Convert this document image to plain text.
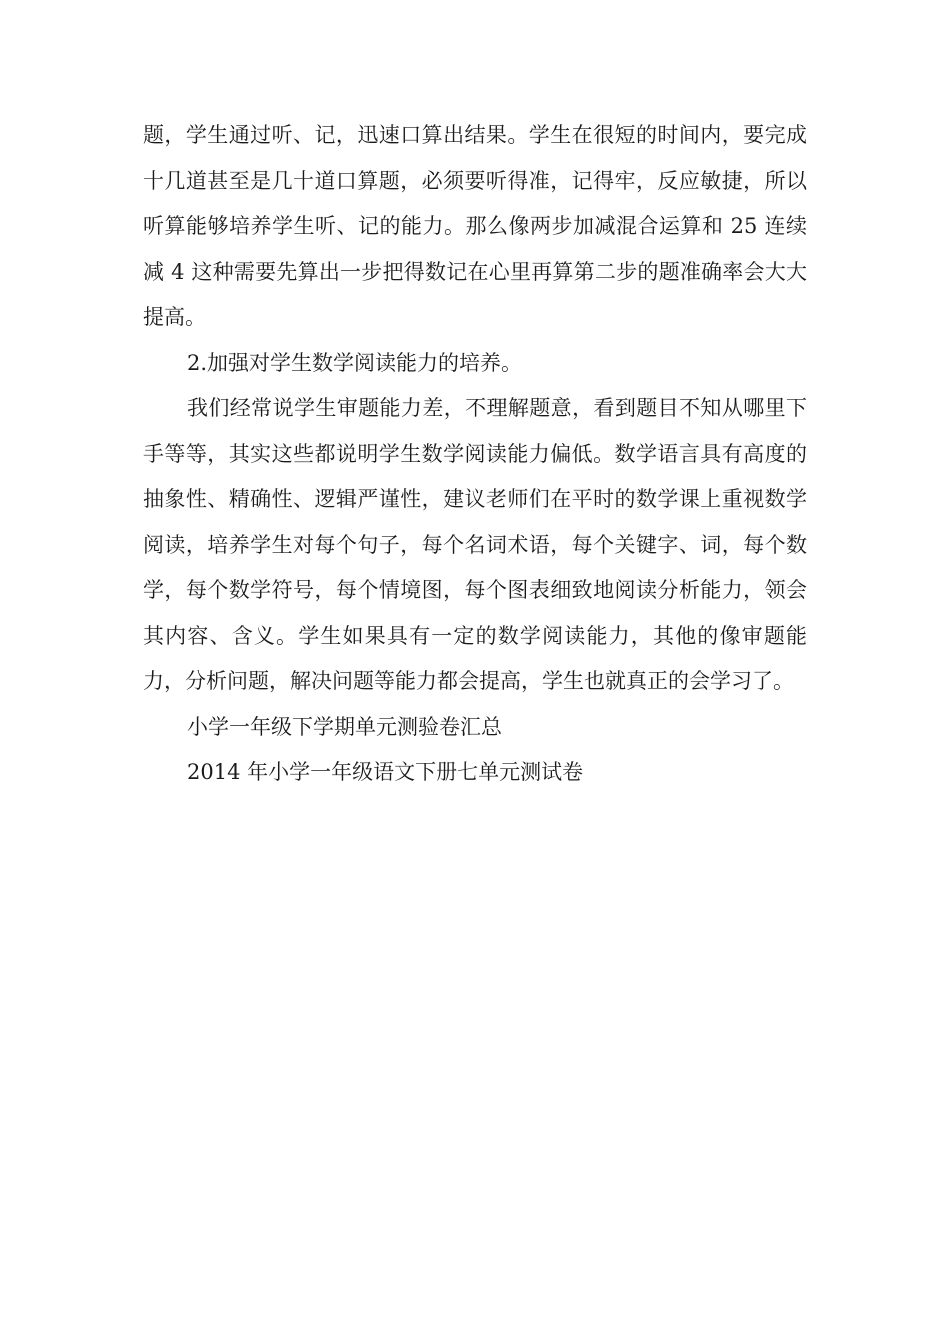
题，学生通过听、记，迅速口算出结果。学生在很短的时间内，要完成十几道甚至是几十道口算题，必须要听得准，记得牢，反应敏捷，所以听算能够培养学生听、记的能力。那么像两步加减混合运算和 25 连续减 4 这种需要先算出一步把得数记在心里再算第二步的题准确率会大大提高。

2.加强对学生数学阅读能力的培养。

我们经常说学生审题能力差，不理解题意，看到题目不知从哪里下手等等，其实这些都说明学生数学阅读能力偏低。数学语言具有高度的抽象性、精确性、逻辑严谨性，建议老师们在平时的数学课上重视数学阅读，培养学生对每个句子，每个名词术语，每个关键字、词，每个数学，每个数学符号，每个情境图，每个图表细致地阅读分析能力，领会其内容、含义。学生如果具有一定的数学阅读能力，其他的像审题能力，分析问题，解决问题等能力都会提高，学生也就真正的会学习了。

小学一年级下学期单元测验卷汇总

2014 年小学一年级语文下册七单元测试卷
